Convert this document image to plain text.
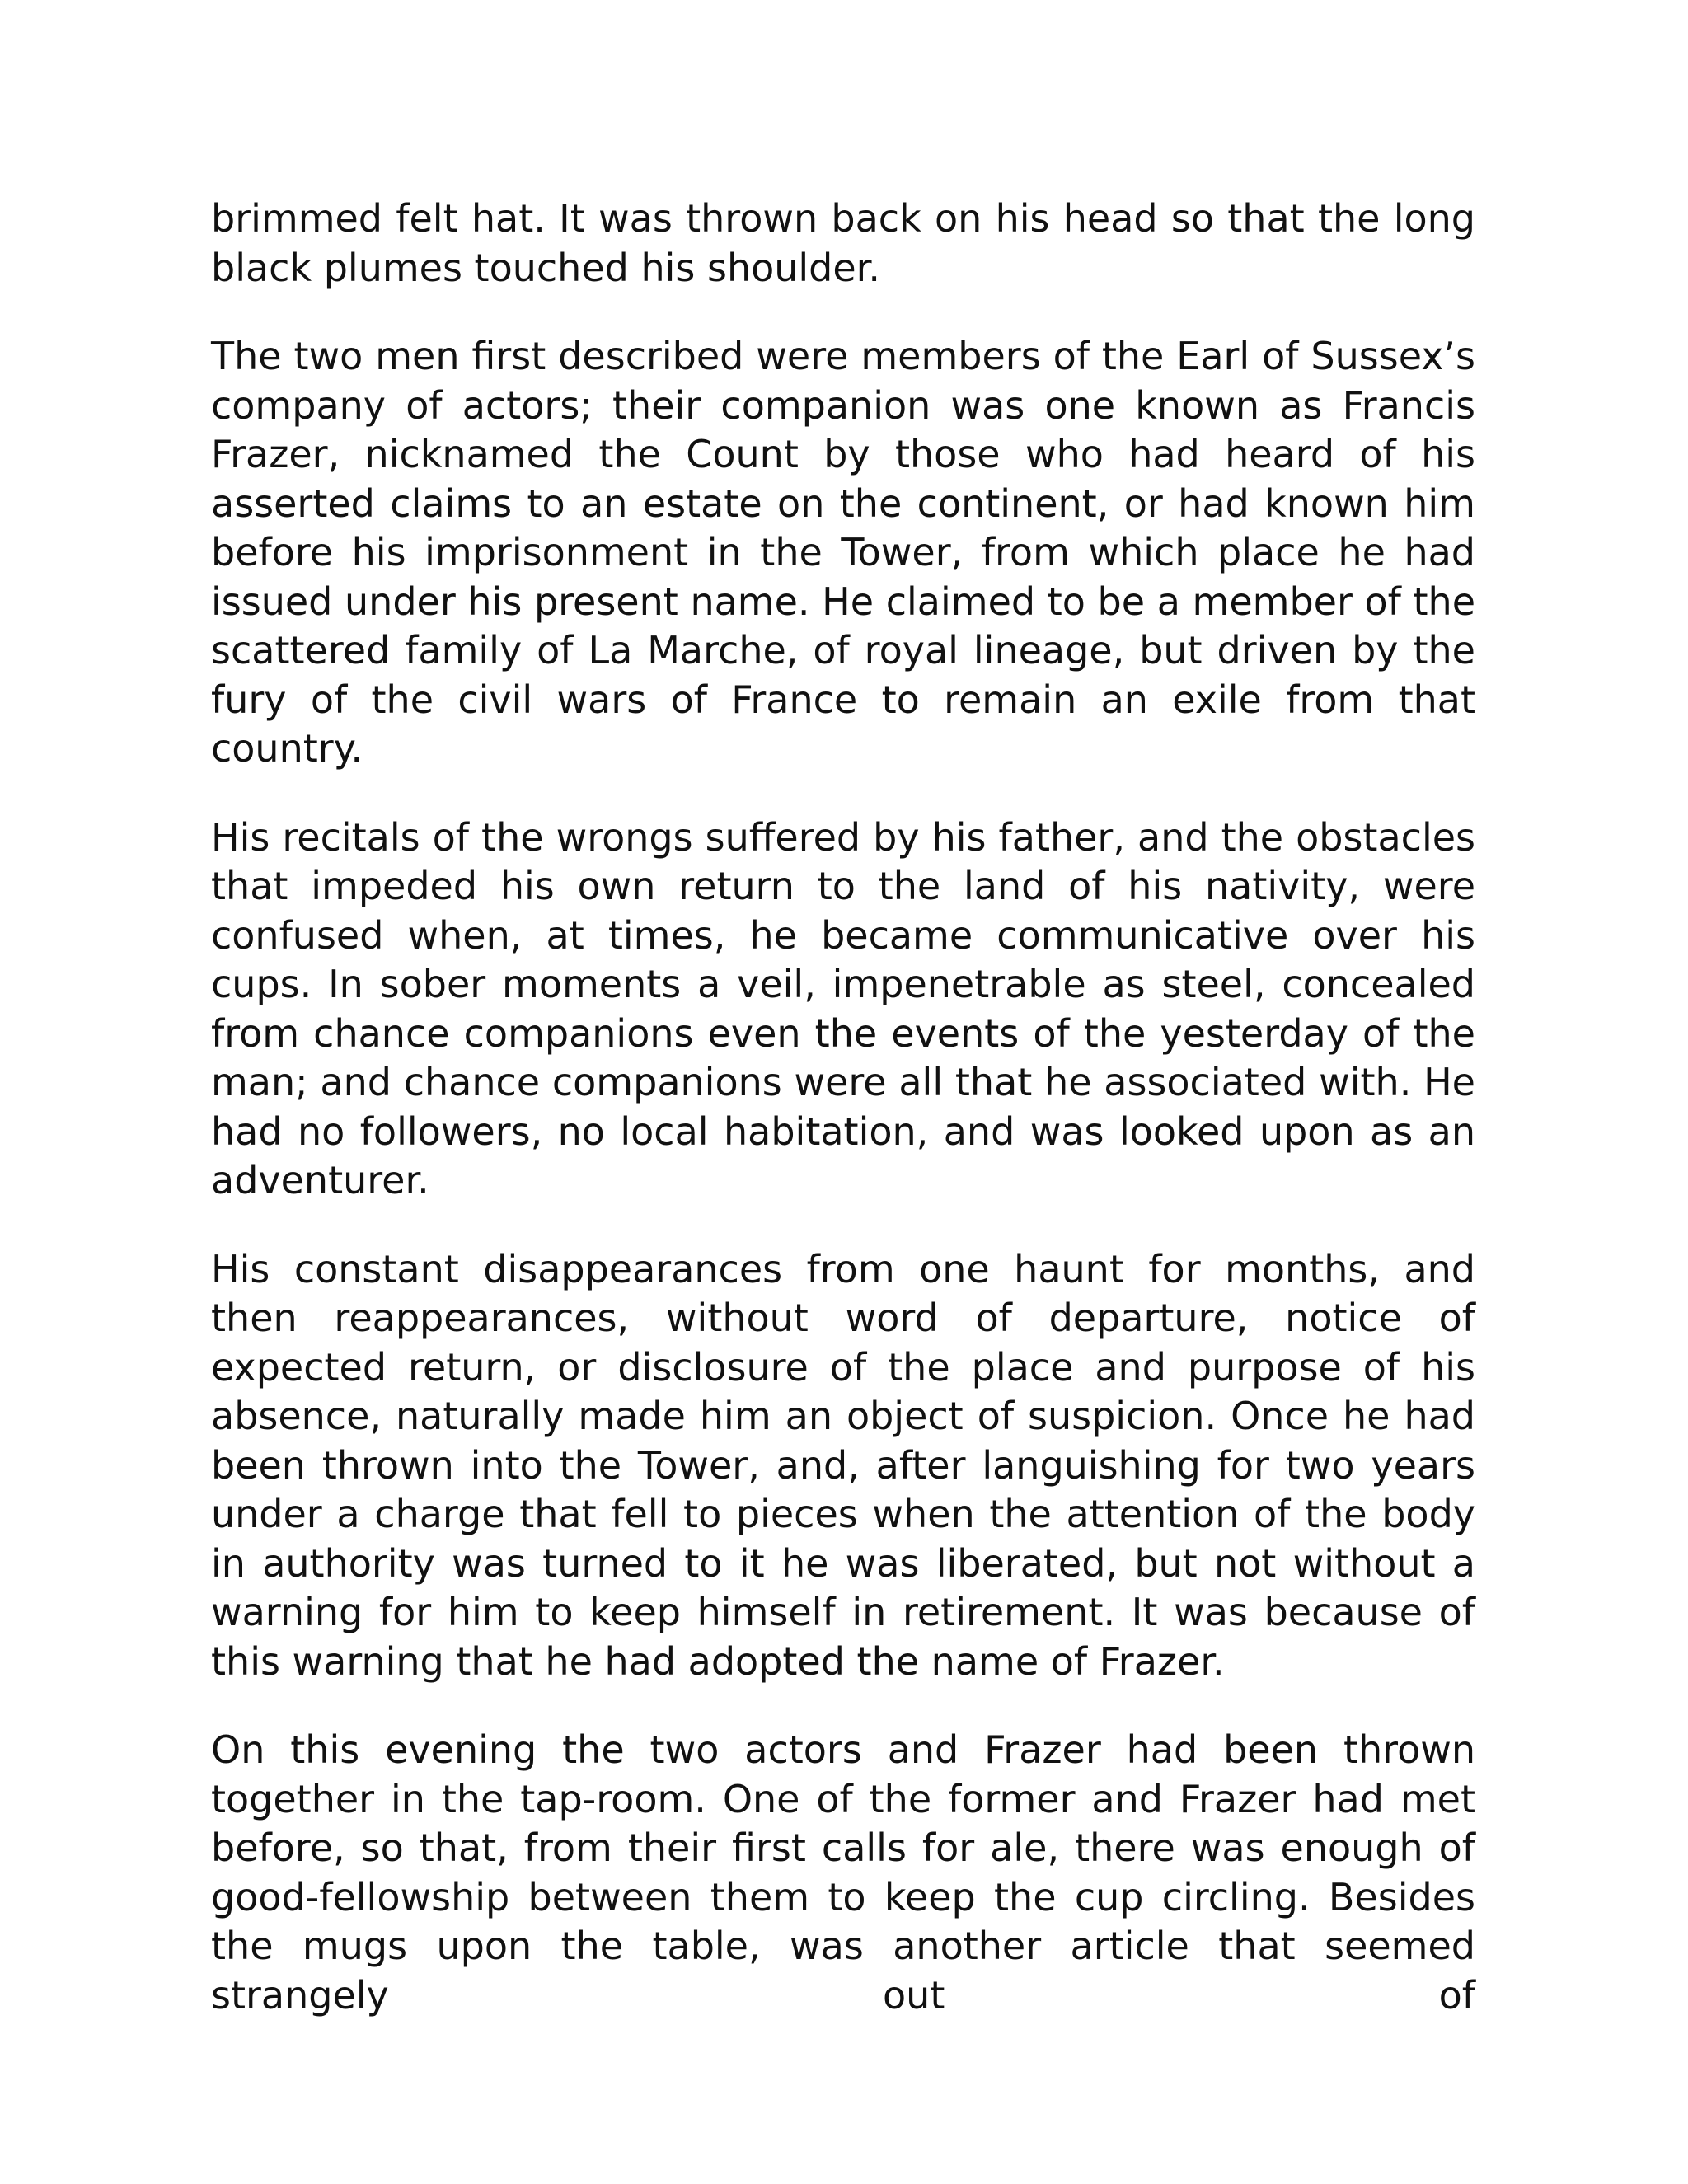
brimmed felt hat. It was thrown back on his head so that the long black plumes touched his shoulder.

The two men first described were members of the Earl of Sussex’s company of actors; their companion was one known as Francis Frazer, nicknamed the Count by those who had heard of his asserted claims to an estate on the continent, or had known him before his imprisonment in the Tower, from which place he had issued under his present name. He claimed to be a member of the scattered family of La Marche, of royal lineage, but driven by the fury of the civil wars of France to remain an exile from that country.

His recitals of the wrongs suffered by his father, and the obstacles that impeded his own return to the land of his nativity, were confused when, at times, he became communicative over his cups. In sober moments a veil, impenetrable as steel, concealed from chance companions even the events of the yesterday of the man; and chance companions were all that he associated with. He had no followers, no local habitation, and was looked upon as an adventurer.

His constant disappearances from one haunt for months, and then reappearances, without word of departure, notice of expected return, or disclosure of the place and purpose of his absence, naturally made him an object of suspicion. Once he had been thrown into the Tower, and, after languishing for two years under a charge that fell to pieces when the attention of the body in authority was turned to it he was liberated, but not without a warning for him to keep himself in retirement. It was because of this warning that he had adopted the name of Frazer.

On this evening the two actors and Frazer had been thrown together in the tap-room. One of the former and Frazer had met before, so that, from their first calls for ale, there was enough of good-fellowship between them to keep the cup circling. Besides the mugs upon the table, was another article that seemed strangely out of
